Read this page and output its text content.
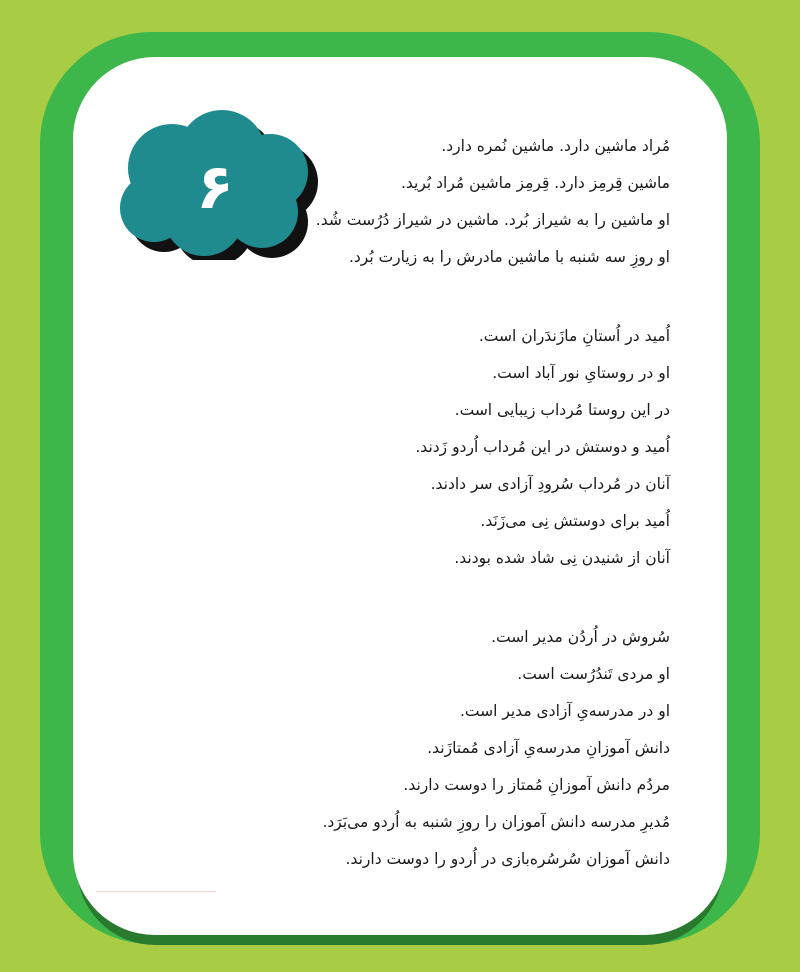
۶
مُراد ماشین دارد. ماشین نُمره دارد.
ماشین قِرمِز دارد. قِرمِز ماشین مُراد بُرید.
او ماشین را به شیراز بُرد. ماشین در شیراز دُرُست شُد.
او روزِ سه شنبه با ماشین مادرش را به زیارت بُرد.
اُمید در اُستانِ مازَندَران است.
او در روستایِ نور آباد است.
در این روستا مُرداب زیبایی است.
اُمید و دوستش در این مُرداب اُردو زَدند.
آنان در مُرداب سُرودِ آزادی سر دادند.
اُمید برای دوستش نِی می‌زَنَد.
آنان از شنیدن نِی شاد شده بودند.
سُروش در اُردُن مدیر است.
او مردی تَندُرُست است.
او در مدرسه‌یِ آزادی مدیر است.
دانش آموزانِ مدرسه‌یِ آزادی مُمتازَند.
مردُم دانش آموزانِ مُمتاز را دوست دارند.
مُدیرِ مدرسه دانش آموزان را روزِ شنبه به اُردو می‌بَرَد.
دانش آموزان سُرسُره‌بازی در اُردو را دوست دارند.
